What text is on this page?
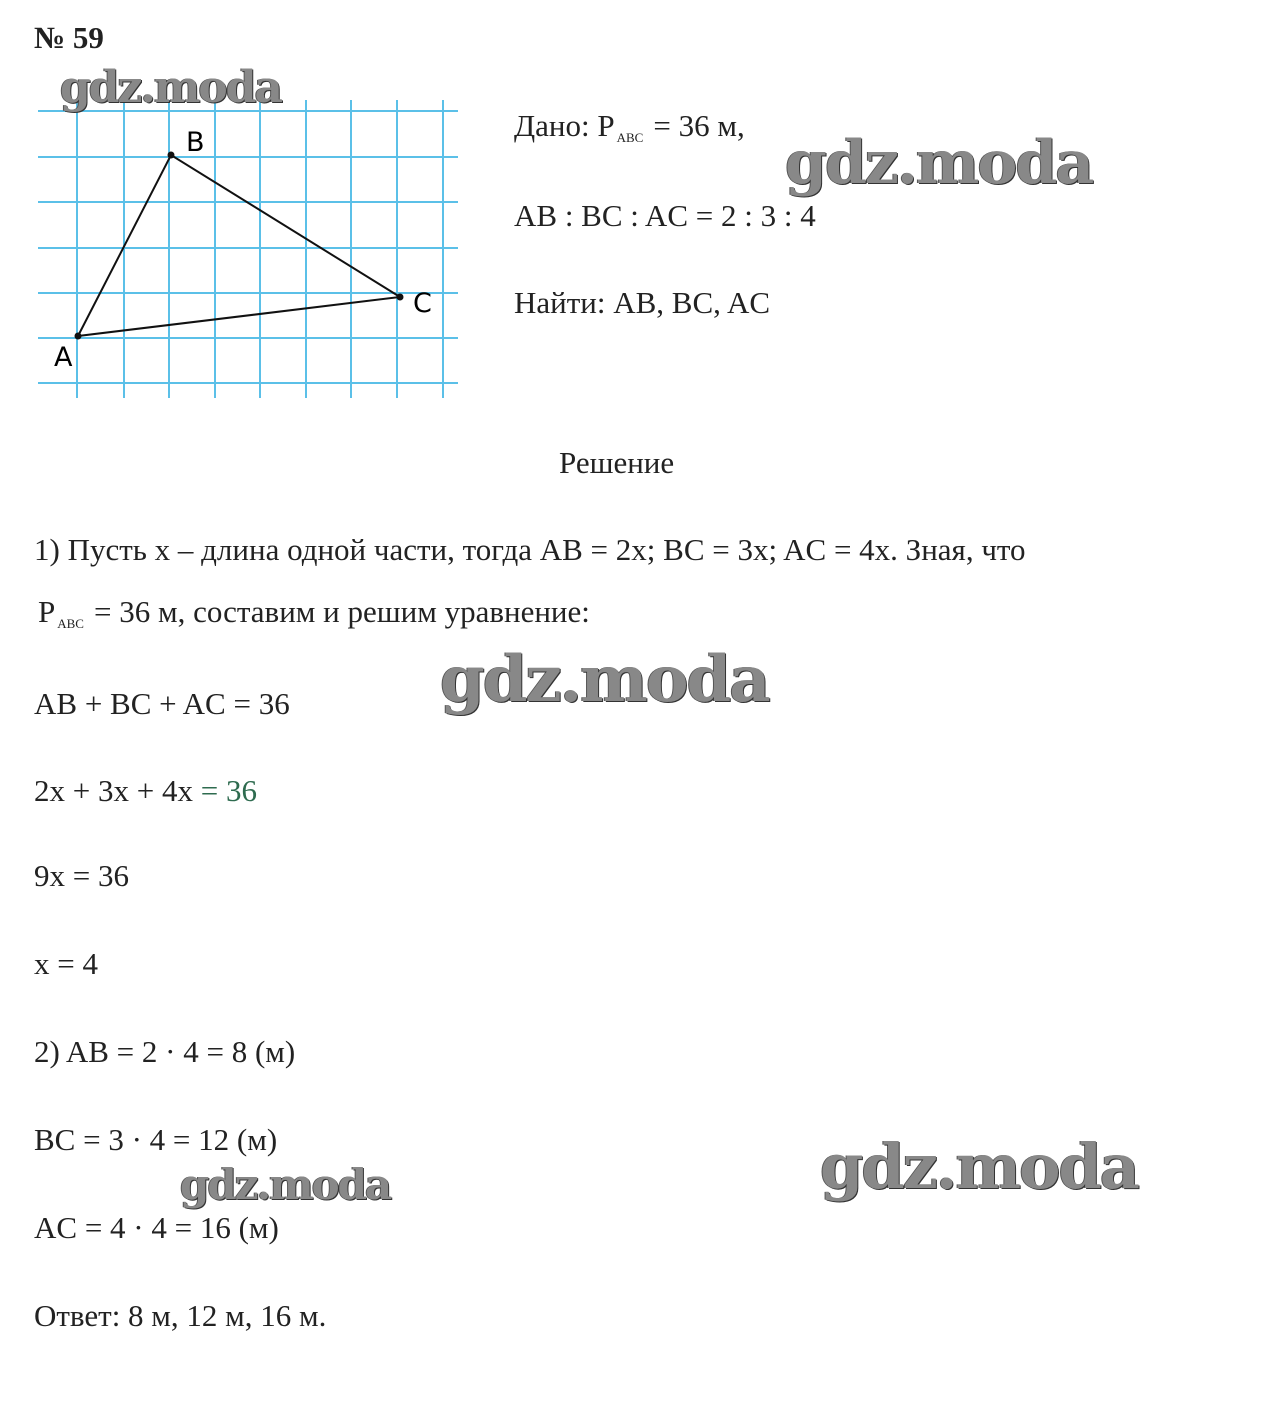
№ 59
A
B
C
gdz.moda
Дано: P $_{ABC}$ = 36 м,
gdz.moda
AB : BC : AC = 2 : 3 : 4
Найти: AB, BC, AC
Решение
1) Пусть x – длина одной части, тогда AB = 2x; BC = 3x; AC = 4x. Зная, что
P $_{ABC}$ = 36 м, составим и решим уравнение:
gdz.moda
AB + BC + AC = 36
2x + 3x + 4x = 36
9x = 36
x = 4
2) AB = 2 · 4 = 8 (м)
BC = 3 · 4 = 12 (м)
gdz.moda	gdz.moda
AC = 4 · 4 = 16 (м)
Ответ: 8 м, 12 м, 16 м.
